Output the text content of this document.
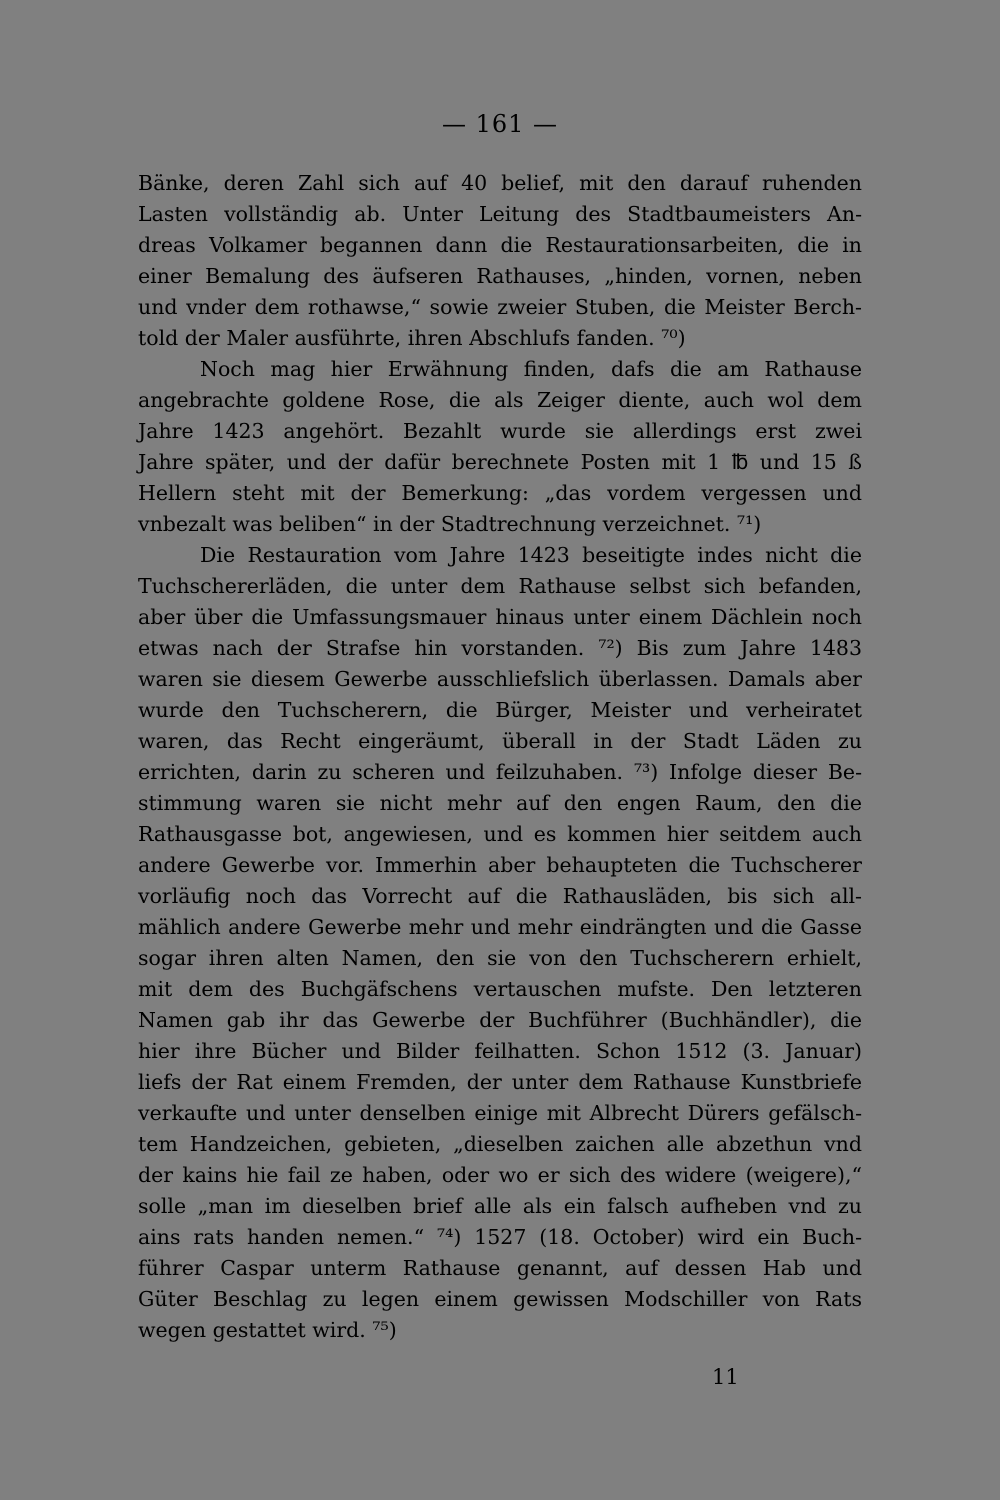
— 161 —
Bänke, deren Zahl sich auf 40 belief, mit den darauf ruhenden
Lasten vollständig ab. Unter Leitung des Stadtbaumeisters An-
dreas Volkamer begannen dann die Restaurationsarbeiten, die in
einer Bemalung des äufseren Rathauses, „hinden, vornen, neben
und vnder dem rothawse,“ sowie zweier Stuben, die Meister Berch-
told der Maler ausführte, ihren Abschlufs fanden. ⁷⁰)
Noch mag hier Erwähnung finden, dafs die am Rathause
angebrachte goldene Rose, die als Zeiger diente, auch wol dem
Jahre 1423 angehört. Bezahlt wurde sie allerdings erst zwei
Jahre später, und der dafür berechnete Posten mit 1 ℔ und 15 ß
Hellern steht mit der Bemerkung: „das vordem vergessen und
vnbezalt was beliben“ in der Stadtrechnung verzeichnet. ⁷¹)
Die Restauration vom Jahre 1423 beseitigte indes nicht die
Tuchschererläden, die unter dem Rathause selbst sich befanden,
aber über die Umfassungsmauer hinaus unter einem Dächlein noch
etwas nach der Strafse hin vorstanden. ⁷²) Bis zum Jahre 1483
waren sie diesem Gewerbe ausschliefslich überlassen. Damals aber
wurde den Tuchscherern, die Bürger, Meister und verheiratet
waren, das Recht eingeräumt, überall in der Stadt Läden zu
errichten, darin zu scheren und feilzuhaben. ⁷³) Infolge dieser Be-
stimmung waren sie nicht mehr auf den engen Raum, den die
Rathausgasse bot, angewiesen, und es kommen hier seitdem auch
andere Gewerbe vor. Immerhin aber behaupteten die Tuchscherer
vorläufig noch das Vorrecht auf die Rathausläden, bis sich all-
mählich andere Gewerbe mehr und mehr eindrängten und die Gasse
sogar ihren alten Namen, den sie von den Tuchscherern erhielt,
mit dem des Buchgäfschens vertauschen mufste. Den letzteren
Namen gab ihr das Gewerbe der Buchführer (Buchhändler), die
hier ihre Bücher und Bilder feilhatten. Schon 1512 (3. Januar)
liefs der Rat einem Fremden, der unter dem Rathause Kunstbriefe
verkaufte und unter denselben einige mit Albrecht Dürers gefälsch-
tem Handzeichen, gebieten, „dieselben zaichen alle abzethun vnd
der kains hie fail ze haben, oder wo er sich des widere (weigere),“
solle „man im dieselben brief alle als ein falsch aufheben vnd zu
ains rats handen nemen.“ ⁷⁴) 1527 (18. October) wird ein Buch-
führer Caspar unterm Rathause genannt, auf dessen Hab und
Güter Beschlag zu legen einem gewissen Modschiller von Rats
wegen gestattet wird. ⁷⁵)
11
